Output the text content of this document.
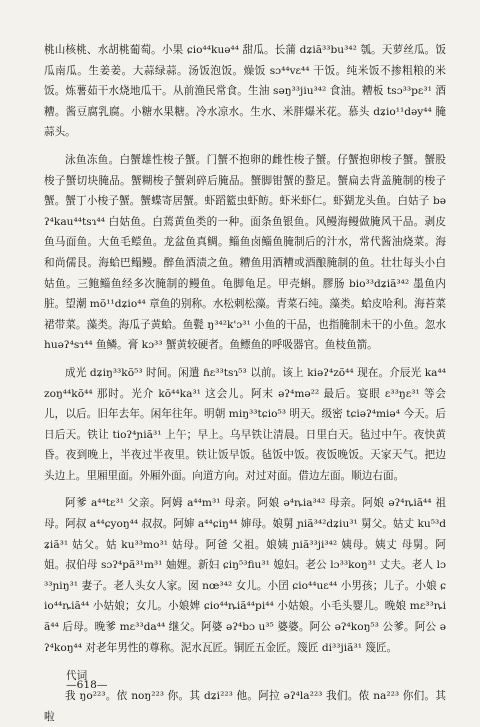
桃山核桃、水胡桃葡萄。小果 ɕio⁴⁴kuə⁴⁴ 甜瓜。长蒲 dʑiã³³bu³⁴² 瓠。天萝丝瓜。饭瓜南瓜。生姜姜。大蒜绿蒜。汤饭泡饭。燥饭 sɔ⁴⁴vɛ⁴⁴ 干饭。纯米饭不掺粗粮的米饭。炼薯茹干水烧地瓜干。从前渔民常食。生油 səŋ³³jiu³⁴² 食油。糟板 tsɔ³³pɛ³¹ 酒糟。酱豆腐乳腐。小糖水果糖。冷水凉水。生水、米胖爆米花。慕头 dʑio¹¹dəy⁴⁴ 腌蒜头。

泳鱼冻鱼。白蟹雄性梭子蟹。门蟹不抱卵的雌性梭子蟹。仔蟹抱卵梭子蟹。蟹股梭子蟹切块腌品。蟹糊梭子蟹剁碎后腌品。蟹脚钳蟹的螯足。蟹扁去背盖腌制的梭子蟹。蟹丁小梭子蟹。蟹蝶寄居蟹。虾蹈籃虫虾鲂。虾米虾仁。虾猢龙头鱼。白姑子 bəʔ⁴kau⁴⁴tsɿ⁴⁴ 白姑鱼。白蔫黄鱼类的一种。面条鱼银鱼。风鳗海鳗做腌风干品。剥皮鱼马面鱼。大鱼毛鲿鱼。龙盆鱼真鲷。鲻鱼卤鲻鱼腌制后的汁水，常代酱油烧菜。海和尚儒艮。海蛤巴鳎鳗。醉鱼酒渍之鱼。糟鱼用酒糟或酒酿腌制的鱼。壮壮每头小白姑鱼。三鲍鲻鱼经多次腌制的鳗鱼。龟脚龟足。甲壳蝌。膠肠 bio³³dʑiã³⁴² 墨鱼内脏。望潮 mõ¹¹dʑio⁴⁴ 章鱼的别称。水松刺松藻。青菜石纯。藻类。蛤皮哈利。海苔菜裙带菜。藻类。海瓜子黄蛤。鱼甏 ŋ³⁴²k'ɔ³¹ 小鱼的干品，也指腌制未干的小鱼。忽水 huəʔ⁴sɿ⁴⁴ 鱼鳞。膏 kɔ³³ 蟹黄较硬者。鱼鳔鱼的呼吸器官。鱼枝鱼箭。

成光 dʑiŋ³³kõ⁵³ 时间。闲遣 ɦɛ³³tsɿ⁵³ 以前。该上 kiəʔ⁴zõ⁴⁴ 现在。介辰光 ka⁴⁴zoŋ⁴⁴kõ⁴⁴ 那时。光介 kõ⁴⁴ka³¹ 这会儿。阿末 əʔ⁴mə²² 最后。宴眼 ɛ³³ŋɛ³¹ 等会儿，以后。旧年去年。闲年往年。明朝 miŋ³³tɕio⁵³ 明天。级密 tɕiəʔ⁴miə⁴ 今天。后日后天。铁让 tioʔ⁴ɲiã³¹ 上午；早上。乌早铁让清晨。日里白天。毡过中午。夜快黄昏。夜到晚上，半夜过半夜里。铁让饭早饭。毡饭中饭。夜饭晚饭。天家天气。把边头边上。里厢里面。外厢外面。向道方向。对过对面。借边左面。顺边右面。

阿爹 a⁴⁴tɛ³¹ 父亲。阿姆 a⁴⁴m³¹ 母亲。阿娘 ə⁴ȵia³⁴² 母亲。阿娘 əʔ⁴ȵiã⁴⁴ 祖母。阿叔 a⁴⁴ɕyoŋ⁴⁴ 叔叔。阿婶 a⁴⁴ɕiŋ⁴⁴ 婶母。娘舅 ɲiã³⁴²dʑiu³¹ 舅父。姑丈 ku⁵³dʑiã³¹ 姑父。姑 ku³³mo³¹ 姑母。阿爸 父祖。娘姨 ɲiã³³ji³⁴² 姨母。姨丈 母舅。阿姐。叔伯母 sɔʔ⁴pã³¹m³¹ 妯娌。新妇 ɕiŋ⁵³fiu³¹ 媳妇。老公 lɔ³³koŋ³¹ 丈夫。老人 lɔ³³ɲiŋ³¹ 妻子。老人头女人家。囡 nœ³⁴² 女儿。小囝 ɕio⁴⁴uɛ⁴⁴ 小男孩；儿子。小娘 ɕio⁴⁴ȵiã⁴⁴ 小姑娘；女儿。小娘婢 ɕio⁴⁴ȵiã⁴⁴pi⁴⁴ 小姑娘。小毛头婴儿。晚娘 mɛ³³ȵiã⁴⁴ 后母。晚爹 mɛ³³da⁴⁴ 继父。阿婆 əʔ⁴bɔ u³⁵ 婆婆。阿公 əʔ⁴koŋ⁵³ 公爹。阿公 əʔ⁴koŋ⁴⁴ 对老年男性的尊称。泥水瓦匠。铜匠五金匠。篾匠 di³³jiã³¹ 篾匠。

代词

我 ŋo²²³。依 noŋ²²³ 你。其 dʑi²²³ 他。阿拉 əʔ⁴la²²³ 我们。侬 na²²³ 你们。其啦

—618—
